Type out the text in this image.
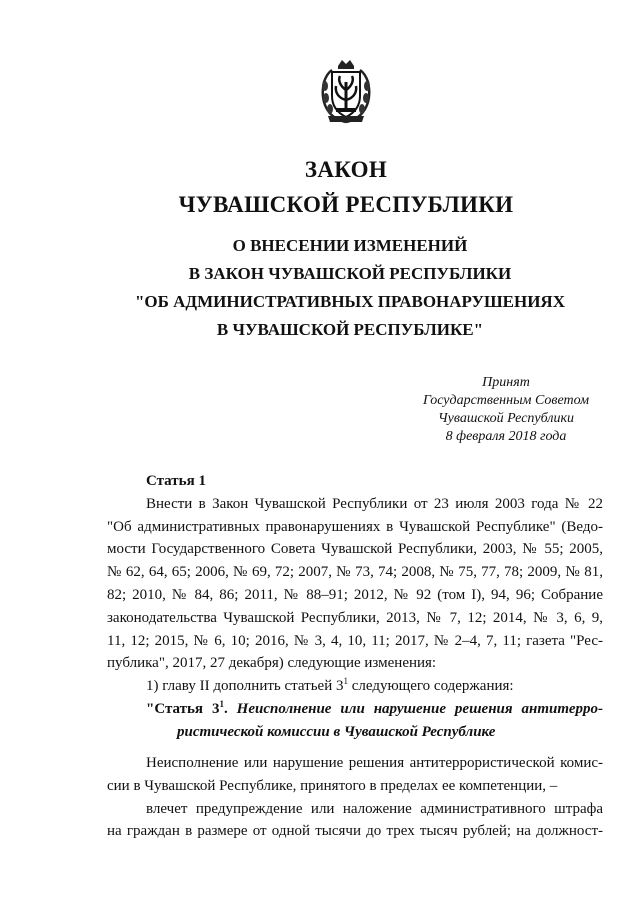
ЗАКОН
ЧУВАШСКОЙ РЕСПУБЛИКИ
О ВНЕСЕНИИ ИЗМЕНЕНИЙ
В ЗАКОН ЧУВАШСКОЙ РЕСПУБЛИКИ
"ОБ АДМИНИСТРАТИВНЫХ ПРАВОНАРУШЕНИЯХ
В ЧУВАШСКОЙ РЕСПУБЛИКЕ"
Принят
Государственным Советом
Чувашской Республики
8 февраля 2018 года
Статья 1
Внести в Закон Чувашской Республики от 23 июля 2003 года № 22
"Об административных правонарушениях в Чувашской Республике" (Ведо-
мости Государственного Совета Чувашской Республики, 2003, № 55; 2005,
№ 62, 64, 65; 2006, № 69, 72; 2007, № 73, 74; 2008, № 75, 77, 78; 2009, № 81,
82; 2010, № 84, 86; 2011, № 88–91; 2012, № 92 (том I), 94, 96; Собрание
законодательства Чувашской Республики, 2013, № 7, 12; 2014, № 3, 6, 9,
11, 12; 2015, № 6, 10; 2016, № 3, 4, 10, 11; 2017, № 2–4, 7, 11; газета "Рес-
публика", 2017, 27 декабря) следующие изменения:
1) главу II дополнить статьей $3^1$ следующего содержания:
"Статья $3^1$. Неисполнение или нарушение решения антитерро-
ристической комиссии в Чувашской Республике
Неисполнение или нарушение решения антитеррористической комис-
сии в Чувашской Республике, принятого в пределах ее компетенции, –
влечет предупреждение или наложение административного штрафа
на граждан в размере от одной тысячи до трех тысяч рублей; на должност-
